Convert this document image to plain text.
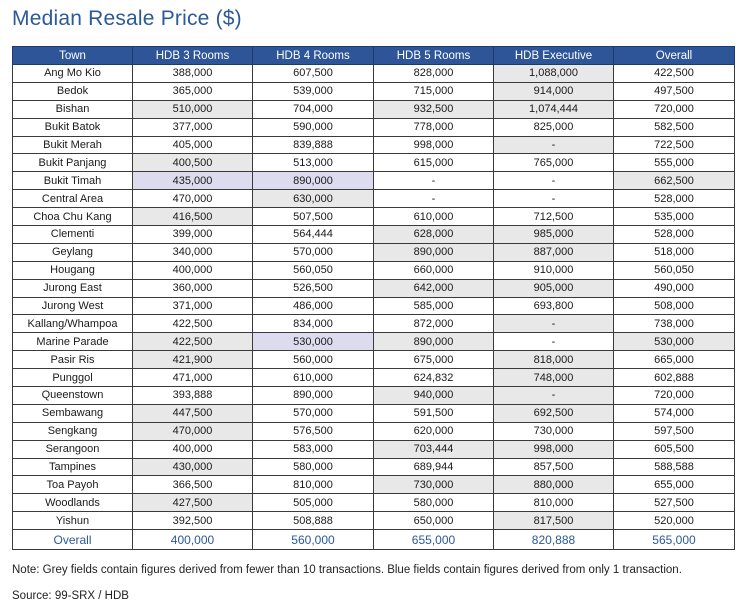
Median Resale Price ($)
Town	HDB 3 Rooms	HDB 4 Rooms	HDB 5 Rooms	HDB Executive	Overall
Ang Mo Kio	388,000	607,500	828,000	1,088,000	422,500
Bedok	365,000	539,000	715,000	914,000	497,500
Bishan	510,000	704,000	932,500	1,074,444	720,000
Bukit Batok	377,000	590,000	778,000	825,000	582,500
Bukit Merah	405,000	839,888	998,000	-	722,500
Bukit Panjang	400,500	513,000	615,000	765,000	555,000
Bukit Timah	435,000	890,000	-	-	662,500
Central Area	470,000	630,000	-	-	528,000
Choa Chu Kang	416,500	507,500	610,000	712,500	535,000
Clementi	399,000	564,444	628,000	985,000	528,000
Geylang	340,000	570,000	890,000	887,000	518,000
Hougang	400,000	560,050	660,000	910,000	560,050
Jurong East	360,000	526,500	642,000	905,000	490,000
Jurong West	371,000	486,000	585,000	693,800	508,000
Kallang/Whampoa	422,500	834,000	872,000	-	738,000
Marine Parade	422,500	530,000	890,000	-	530,000
Pasir Ris	421,900	560,000	675,000	818,000	665,000
Punggol	471,000	610,000	624,832	748,000	602,888
Queenstown	393,888	890,000	940,000	-	720,000
Sembawang	447,500	570,000	591,500	692,500	574,000
Sengkang	470,000	576,500	620,000	730,000	597,500
Serangoon	400,000	583,000	703,444	998,000	605,500
Tampines	430,000	580,000	689,944	857,500	588,588
Toa Payoh	366,500	810,000	730,000	880,000	655,000
Woodlands	427,500	505,000	580,000	810,000	527,500
Yishun	392,500	508,888	650,000	817,500	520,000
Overall	400,000	560,000	655,000	820,888	565,000

Note: Grey fields contain figures derived from fewer than 10 transactions. Blue fields contain figures derived from only 1 transaction.

Source: 99-SRX / HDB
